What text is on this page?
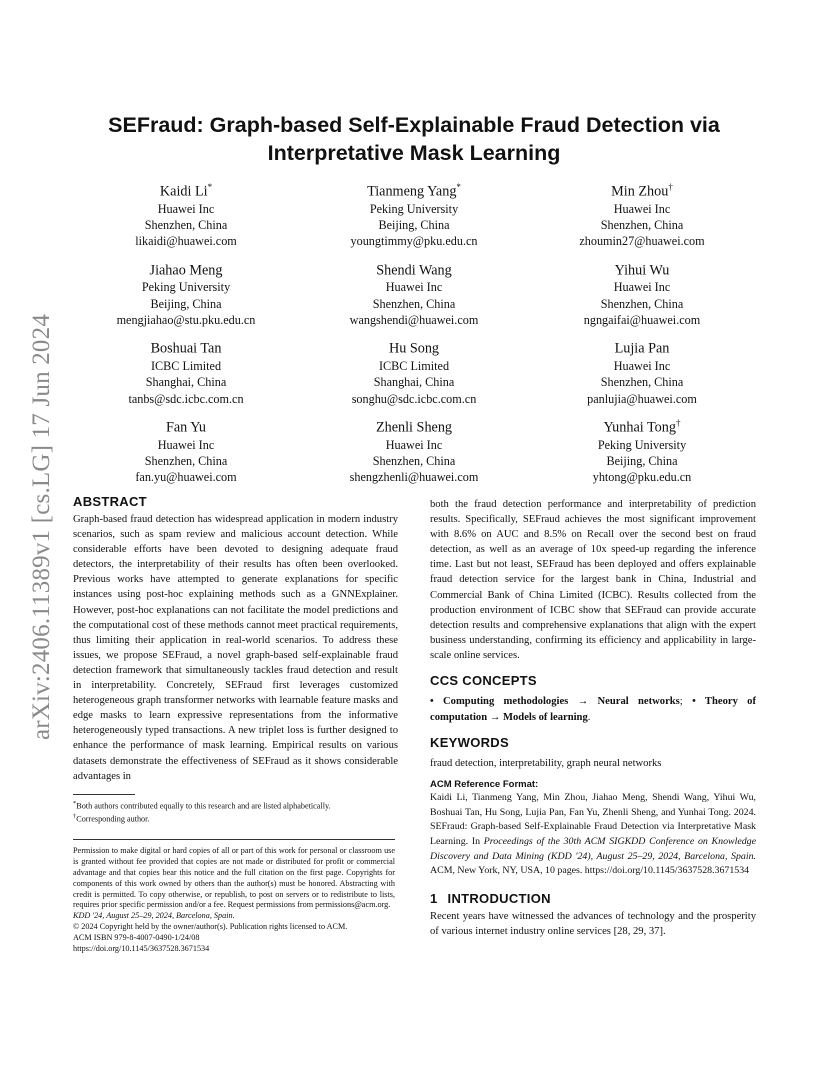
arXiv:2406.11389v1 [cs.LG] 17 Jun 2024
SEFraud: Graph-based Self-Explainable Fraud Detection via
Interpretative Mask Learning
Kaidi Li*
Huawei Inc
Shenzhen, China
likaidi@huawei.com
Tianmeng Yang*
Peking University
Beijing, China
youngtimmy@pku.edu.cn
Min Zhou†
Huawei Inc
Shenzhen, China
zhoumin27@huawei.com
Jiahao Meng
Peking University
Beijing, China
mengjiahao@stu.pku.edu.cn
Shendi Wang
Huawei Inc
Shenzhen, China
wangshendi@huawei.com
Yihui Wu
Huawei Inc
Shenzhen, China
ngngaifai@huawei.com
Boshuai Tan
ICBC Limited
Shanghai, China
tanbs@sdc.icbc.com.cn
Hu Song
ICBC Limited
Shanghai, China
songhu@sdc.icbc.com.cn
Lujia Pan
Huawei Inc
Shenzhen, China
panlujia@huawei.com
Fan Yu
Huawei Inc
Shenzhen, China
fan.yu@huawei.com
Zhenli Sheng
Huawei Inc
Shenzhen, China
shengzhenli@huawei.com
Yunhai Tong†
Peking University
Beijing, China
yhtong@pku.edu.cn
ABSTRACT

Graph-based fraud detection has widespread application in modern industry scenarios, such as spam review and malicious account detection. While considerable efforts have been devoted to designing adequate fraud detectors, the interpretability of their results has often been overlooked. Previous works have attempted to generate explanations for specific instances using post-hoc explaining methods such as a GNNExplainer. However, post-hoc explanations can not facilitate the model predictions and the computational cost of these methods cannot meet practical requirements, thus limiting their application in real-world scenarios. To address these issues, we propose SEFraud, a novel graph-based self-explainable fraud detection framework that simultaneously tackles fraud detection and result in interpretability. Concretely, SEFraud first leverages customized heterogeneous graph transformer networks with learnable feature masks and edge masks to learn expressive representations from the informative heterogeneously typed transactions. A new triplet loss is further designed to enhance the performance of mask learning. Empirical results on various datasets demonstrate the effectiveness of SEFraud as it shows considerable advantages in

*Both authors contributed equally to this research and are listed alphabetically.

†Corresponding author.

Permission to make digital or hard copies of all or part of this work for personal or classroom use is granted without fee provided that copies are not made or distributed for profit or commercial advantage and that copies bear this notice and the full citation on the first page. Copyrights for components of this work owned by others than the author(s) must be honored. Abstracting with credit is permitted. To copy otherwise, or republish, to post on servers or to redistribute to lists, requires prior specific permission and/or a fee. Request permissions from permissions@acm.org.

KDD '24, August 25–29, 2024, Barcelona, Spain.

© 2024 Copyright held by the owner/author(s). Publication rights licensed to ACM.

ACM ISBN 979-8-4007-0490-1/24/08

https://doi.org/10.1145/3637528.3671534

both the fraud detection performance and interpretability of prediction results. Specifically, SEFraud achieves the most significant improvement with 8.6% on AUC and 8.5% on Recall over the second best on fraud detection, as well as an average of 10x speed-up regarding the inference time. Last but not least, SEFraud has been deployed and offers explainable fraud detection service for the largest bank in China, Industrial and Commercial Bank of China Limited (ICBC). Results collected from the production environment of ICBC show that SEFraud can provide accurate detection results and comprehensive explanations that align with the expert business understanding, confirming its efficiency and applicability in large-scale online services.

CCS CONCEPTS

• Computing methodologies → Neural networks; • Theory of computation → Models of learning.

KEYWORDS

fraud detection, interpretability, graph neural networks

ACM Reference Format:

Kaidi Li, Tianmeng Yang, Min Zhou, Jiahao Meng, Shendi Wang, Yihui Wu, Boshuai Tan, Hu Song, Lujia Pan, Fan Yu, Zhenli Sheng, and Yunhai Tong. 2024. SEFraud: Graph-based Self-Explainable Fraud Detection via Interpretative Mask Learning. In Proceedings of the 30th ACM SIGKDD Conference on Knowledge Discovery and Data Mining (KDD '24), August 25–29, 2024, Barcelona, Spain. ACM, New York, NY, USA, 10 pages. https://doi.org/10.1145/3637528.3671534

1 INTRODUCTION

Recent years have witnessed the advances of technology and the prosperity of various internet industry online services [28, 29, 37].
